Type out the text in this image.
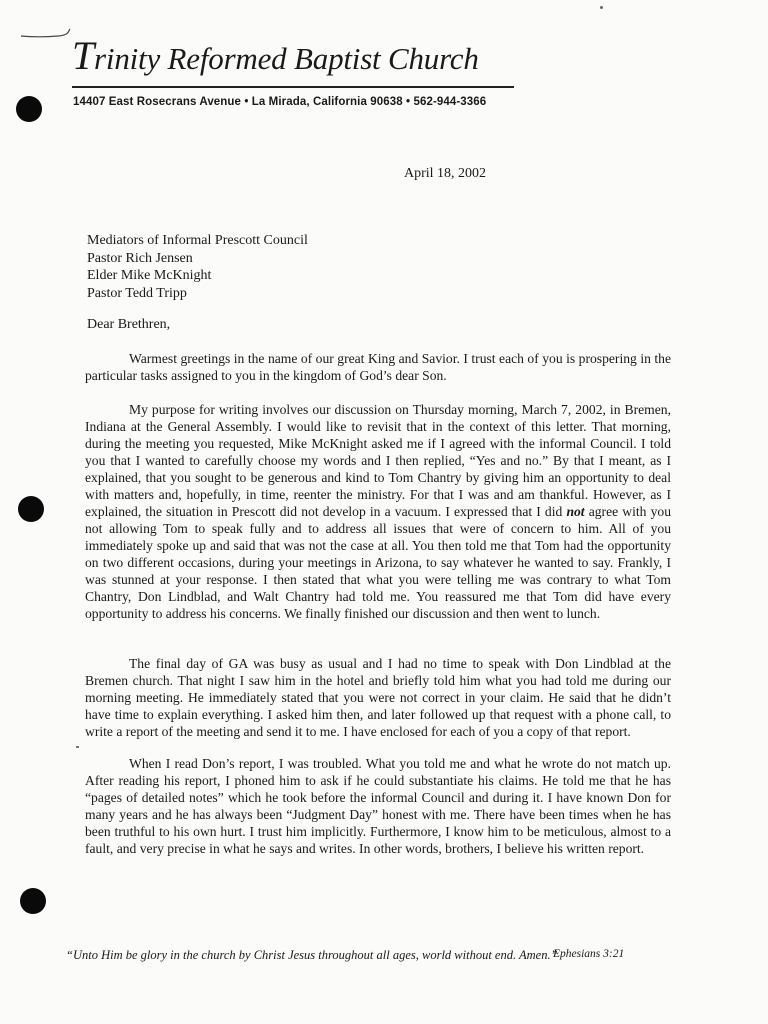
Trinity Reformed Baptist Church
14407 East Rosecrans Avenue • La Mirada, California 90638 • 562-944-3366
April 18, 2002
Mediators of Informal Prescott Council
Pastor Rich Jensen
Elder Mike McKnight
Pastor Tedd Tripp
Dear Brethren,

Warmest greetings in the name of our great King and Savior. I trust each of you is prospering in the particular tasks assigned to you in the kingdom of God’s dear Son.

My purpose for writing involves our discussion on Thursday morning, March 7, 2002, in Bremen, Indiana at the General Assembly. I would like to revisit that in the context of this letter. That morning, during the meeting you requested, Mike McKnight asked me if I agreed with the informal Council. I told you that I wanted to carefully choose my words and I then replied, “Yes and no.” By that I meant, as I explained, that you sought to be generous and kind to Tom Chantry by giving him an opportunity to deal with matters and, hopefully, in time, reenter the ministry. For that I was and am thankful. However, as I explained, the situation in Prescott did not develop in a vacuum. I expressed that I did not agree with you not allowing Tom to speak fully and to address all issues that were of concern to him. All of you immediately spoke up and said that was not the case at all. You then told me that Tom had the opportunity on two different occasions, during your meetings in Arizona, to say whatever he wanted to say. Frankly, I was stunned at your response. I then stated that what you were telling me was contrary to what Tom Chantry, Don Lindblad, and Walt Chantry had told me. You reassured me that Tom did have every opportunity to address his concerns. We finally finished our discussion and then went to lunch.

The final day of GA was busy as usual and I had no time to speak with Don Lindblad at the Bremen church. That night I saw him in the hotel and briefly told him what you had told me during our morning meeting. He immediately stated that you were not correct in your claim. He said that he didn’t have time to explain everything. I asked him then, and later followed up that request with a phone call, to write a report of the meeting and send it to me. I have enclosed for each of you a copy of that report.

When I read Don’s report, I was troubled. What you told me and what he wrote do not match up. After reading his report, I phoned him to ask if he could substantiate his claims. He told me that he has “pages of detailed notes” which he took before the informal Council and during it. I have known Don for many years and he has always been “Judgment Day” honest with me. There have been times when he has been truthful to his own hurt. I trust him implicitly. Furthermore, I know him to be meticulous, almost to a fault, and very precise in what he says and writes. In other words, brothers, I believe his written report.

“Unto Him be glory in the church by Christ Jesus throughout all ages, world without end. Amen.”
Ephesians 3:21
